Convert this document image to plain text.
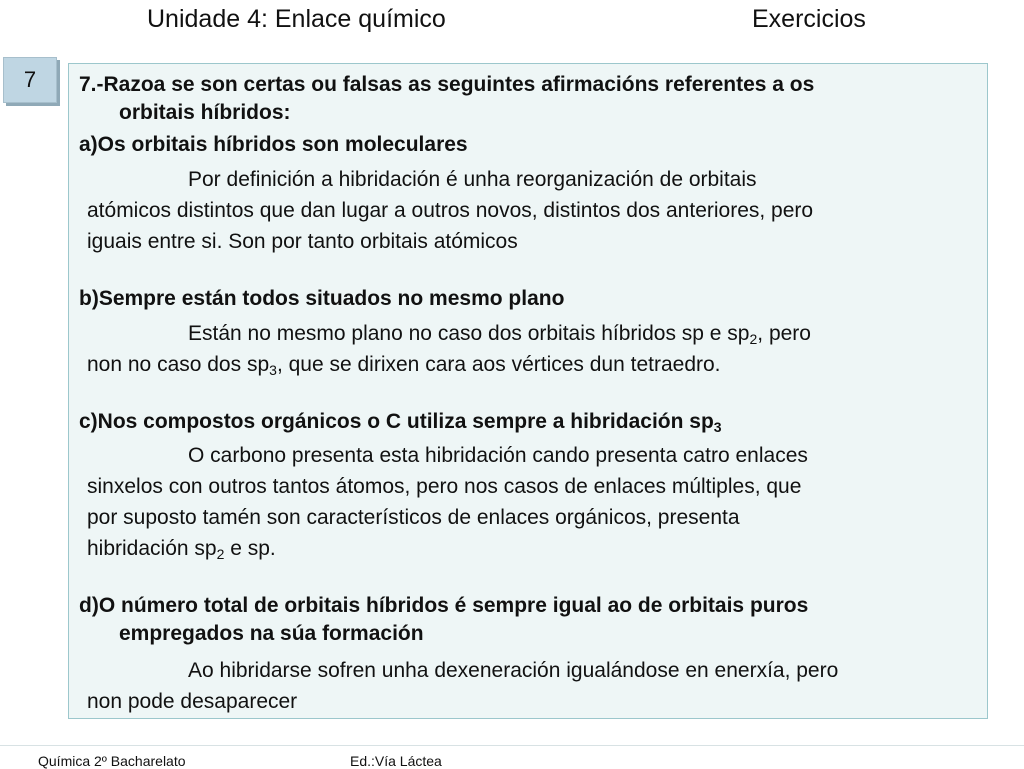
Unidade 4: Enlace químico	Exercicios
7	7.-Razoa se son certas ou falsas as seguintes afirmacións referentes a os
orbitais híbridos:

a)Os orbitais híbridos son moleculares

Por definición a hibridación é unha reorganización de orbitais
atómicos distintos que dan lugar a outros novos, distintos dos anteriores, pero
iguais entre si. Son por tanto orbitais atómicos

b)Sempre están todos situados no mesmo plano

Están no mesmo plano no caso dos orbitais híbridos sp e $sp_2$, pero
non no caso dos $sp_3$, que se dirixen cara aos vértices dun tetraedro.

c)Nos compostos orgánicos o C utiliza sempre a hibridación $sp_3$

O carbono presenta esta hibridación cando presenta catro enlaces
sinxelos con outros tantos átomos, pero nos casos de enlaces múltiples, que
por suposto tamén son característicos de enlaces orgánicos, presenta
hibridación $sp_2$ e sp.

d)O número total de orbitais híbridos é sempre igual ao de orbitais puros
empregados na súa formación

Ao hibridarse sofren unha dexeneración igualándose en enerxía, pero
non pode desaparecer

Química 2º Bacharelato	Ed.:Vía Láctea
